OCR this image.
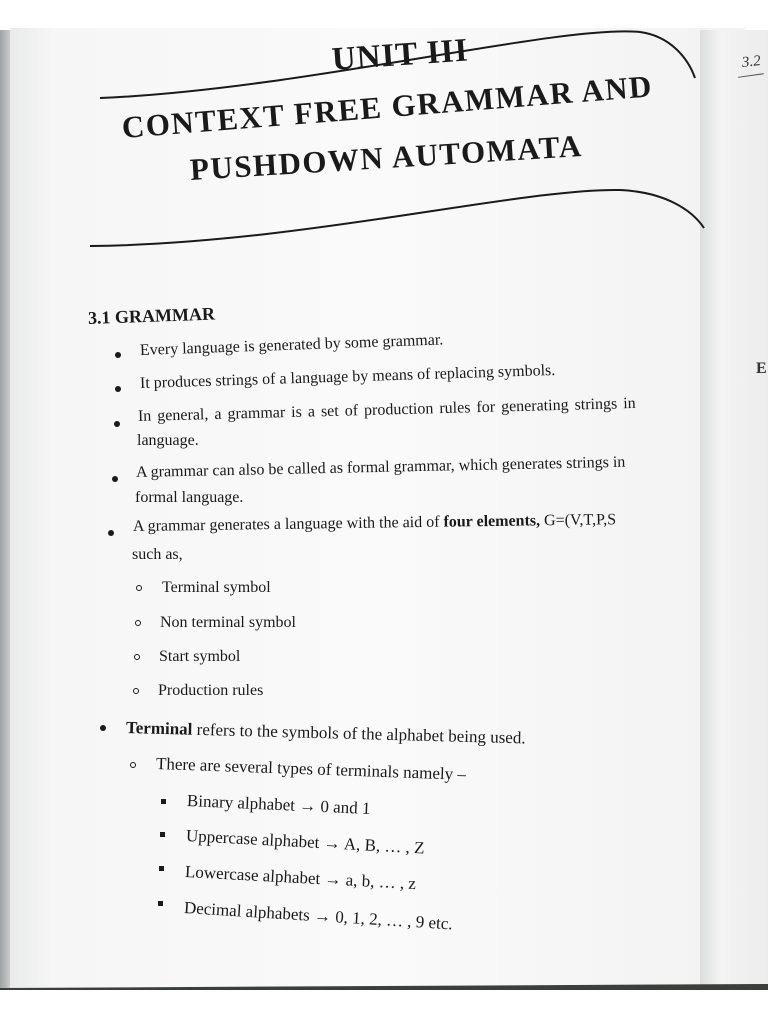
3.2
E
UNIT III
CONTEXT FREE GRAMMAR AND
PUSHDOWN AUTOMATA
3.1 GRAMMAR
Every language is generated by some grammar.
It produces strings of a language by means of replacing symbols.
In general, a grammar is a set of production rules for generating strings in
language.
A grammar can also be called as formal grammar, which generates strings in
formal language.
A grammar generates a language with the aid of four elements, G=(V,T,P,S
such as,
Terminal symbol
Non terminal symbol
Start symbol
Production rules
Terminal refers to the symbols of the alphabet being used.
There are several types of terminals namely –
Binary alphabet → 0 and 1
Uppercase alphabet → A, B, … , Z
Lowercase alphabet → a, b, … , z
Decimal alphabets → 0, 1, 2, … , 9 etc.
